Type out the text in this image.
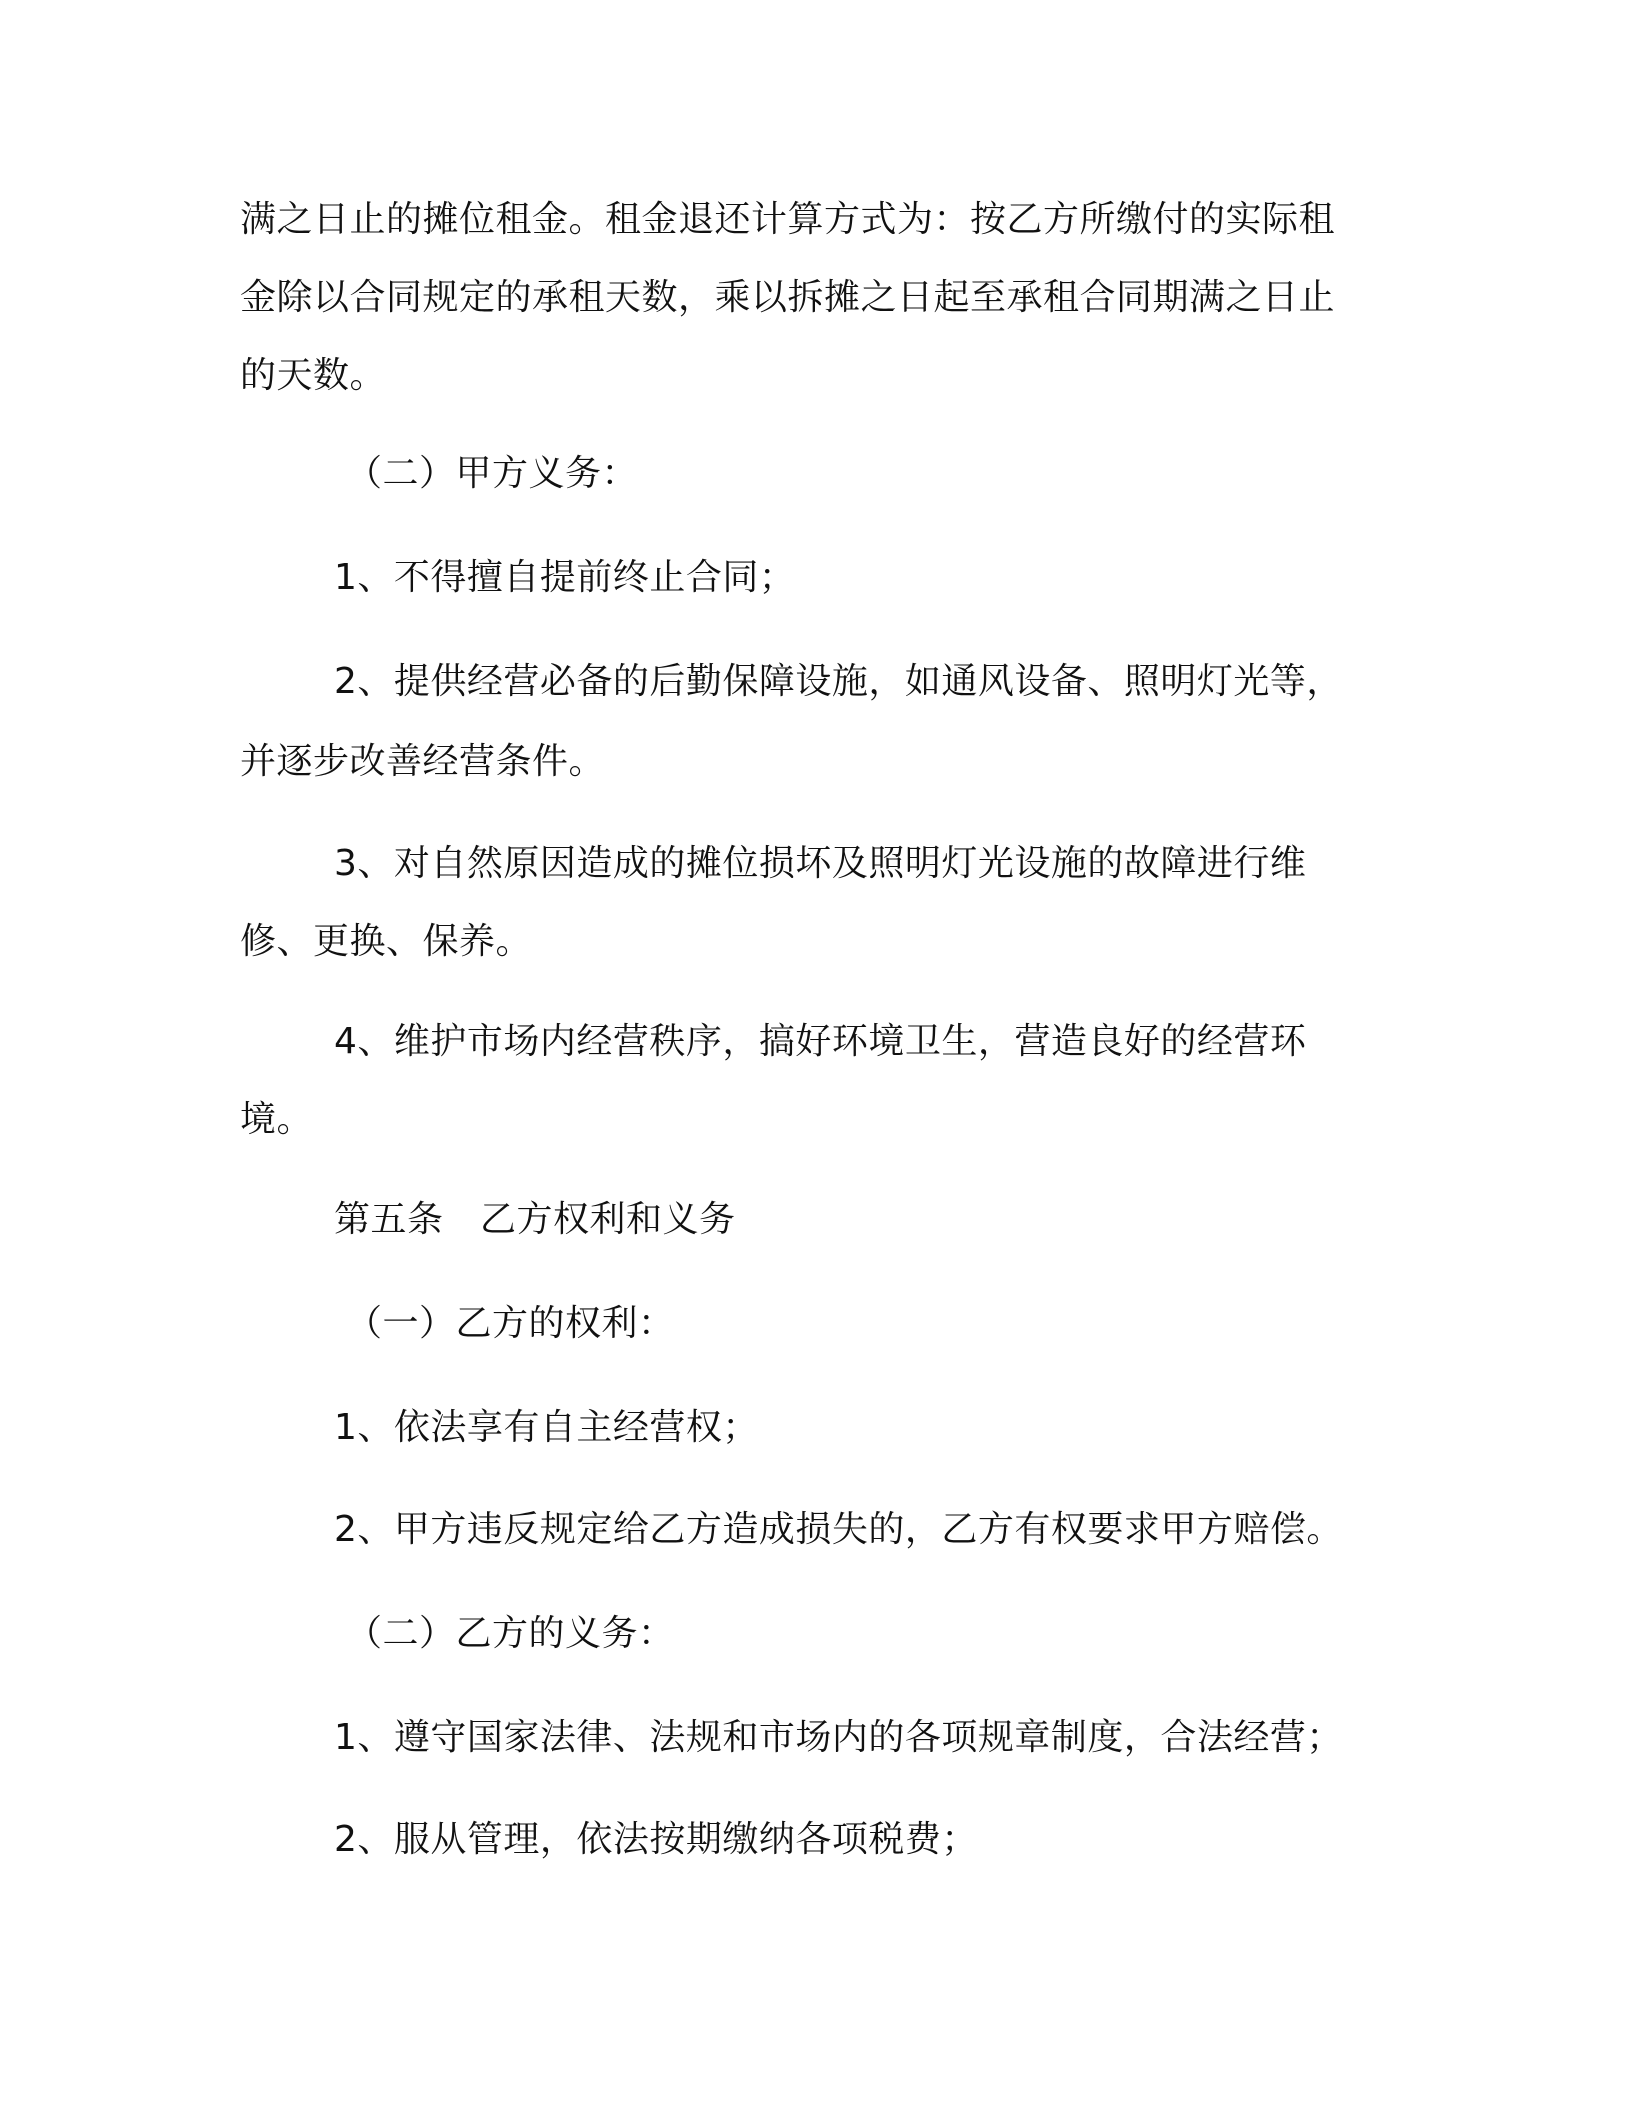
满之日止的摊位租金。租金退还计算方式为：按乙方所缴付的实际租
金除以合同规定的承租天数，乘以拆摊之日起至承租合同期满之日止
的天数。
（二）甲方义务：
1、不得擅自提前终止合同；
2、提供经营必备的后勤保障设施，如通风设备、照明灯光等，
并逐步改善经营条件。
3、对自然原因造成的摊位损坏及照明灯光设施的故障进行维
修、更换、保养。
4、维护市场内经营秩序，搞好环境卫生，营造良好的经营环
境。
第五条　乙方权利和义务
（一）乙方的权利：
1、依法享有自主经营权；
2、甲方违反规定给乙方造成损失的，乙方有权要求甲方赔偿。
（二）乙方的义务：
1、遵守国家法律、法规和市场内的各项规章制度，合法经营；
2、服从管理，依法按期缴纳各项税费；
